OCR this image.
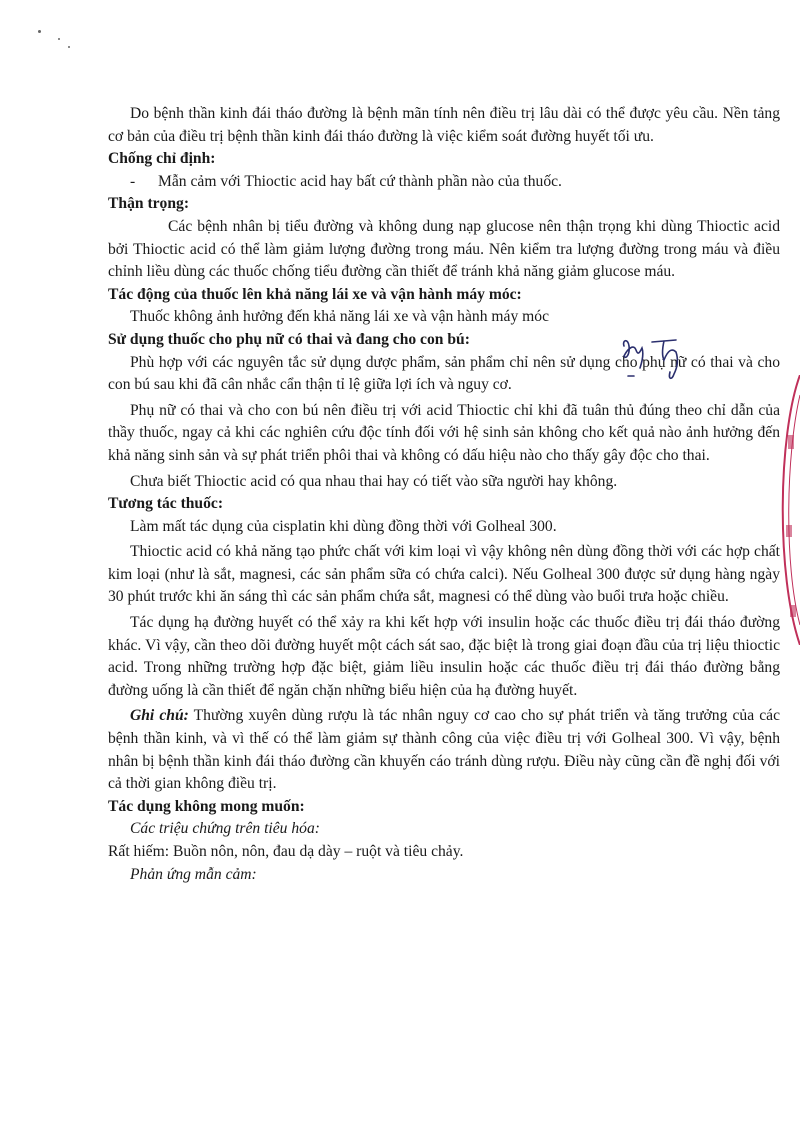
Do bệnh thần kinh đái tháo đường là bệnh mãn tính nên điều trị lâu dài có thể được yêu cầu. Nền tảng cơ bản của điều trị bệnh thần kinh đái tháo đường là việc kiểm soát đường huyết tối ưu.

Chống chỉ định:

- Mẫn cảm với Thioctic acid hay bất cứ thành phần nào của thuốc.

Thận trọng:

Các bệnh nhân bị tiểu đường và không dung nạp glucose nên thận trọng khi dùng Thioctic acid bởi Thioctic acid có thể làm giảm lượng đường trong máu. Nên kiểm tra lượng đường trong máu và điều chỉnh liều dùng các thuốc chống tiểu đường cần thiết để tránh khả năng giảm glucose máu.

Tác động của thuốc lên khả năng lái xe và vận hành máy móc:

Thuốc không ảnh hưởng đến khả năng lái xe và vận hành máy móc

Sử dụng thuốc cho phụ nữ có thai và đang cho con bú:

Phù hợp với các nguyên tắc sử dụng dược phẩm, sản phẩm chỉ nên sử dụng cho phụ nữ có thai và cho con bú sau khi đã cân nhắc cẩn thận tỉ lệ giữa lợi ích và nguy cơ.

Phụ nữ có thai và cho con bú nên điều trị với acid Thioctic chỉ khi đã tuân thủ đúng theo chỉ dẫn của thầy thuốc, ngay cả khi các nghiên cứu độc tính đối với hệ sinh sản không cho kết quả nào ảnh hưởng đến khả năng sinh sản và sự phát triển phôi thai và không có dấu hiệu nào cho thấy gây độc cho thai.

Chưa biết Thioctic acid có qua nhau thai hay có tiết vào sữa người hay không.

Tương tác thuốc:

Làm mất tác dụng của cisplatin khi dùng đồng thời với Golheal 300.

Thioctic acid có khả năng tạo phức chất với kim loại vì vậy không nên dùng đồng thời với các hợp chất kim loại (như là sắt, magnesi, các sản phẩm sữa có chứa calci). Nếu Golheal 300 được sử dụng hàng ngày 30 phút trước khi ăn sáng thì các sản phẩm chứa sắt, magnesi có thể dùng vào buổi trưa hoặc chiều.

Tác dụng hạ đường huyết có thể xảy ra khi kết hợp với insulin hoặc các thuốc điều trị đái tháo đường khác. Vì vậy, cần theo dõi đường huyết một cách sát sao, đặc biệt là trong giai đoạn đầu của trị liệu thioctic acid. Trong những trường hợp đặc biệt, giảm liều insulin hoặc các thuốc điều trị đái tháo đường bằng đường uống là cần thiết để ngăn chặn những biểu hiện của hạ đường huyết.

Ghi chú: Thường xuyên dùng rượu là tác nhân nguy cơ cao cho sự phát triển và tăng trưởng của các bệnh thần kinh, và vì thế có thể làm giảm sự thành công của việc điều trị với Golheal 300. Vì vậy, bệnh nhân bị bệnh thần kinh đái tháo đường cần khuyến cáo tránh dùng rượu. Điều này cũng cần đề nghị đối với cả thời gian không điều trị.

Tác dụng không mong muốn:

Các triệu chứng trên tiêu hóa:

Rất hiếm: Buồn nôn, nôn, đau dạ dày – ruột và tiêu chảy.

Phản ứng mẫn cảm:
